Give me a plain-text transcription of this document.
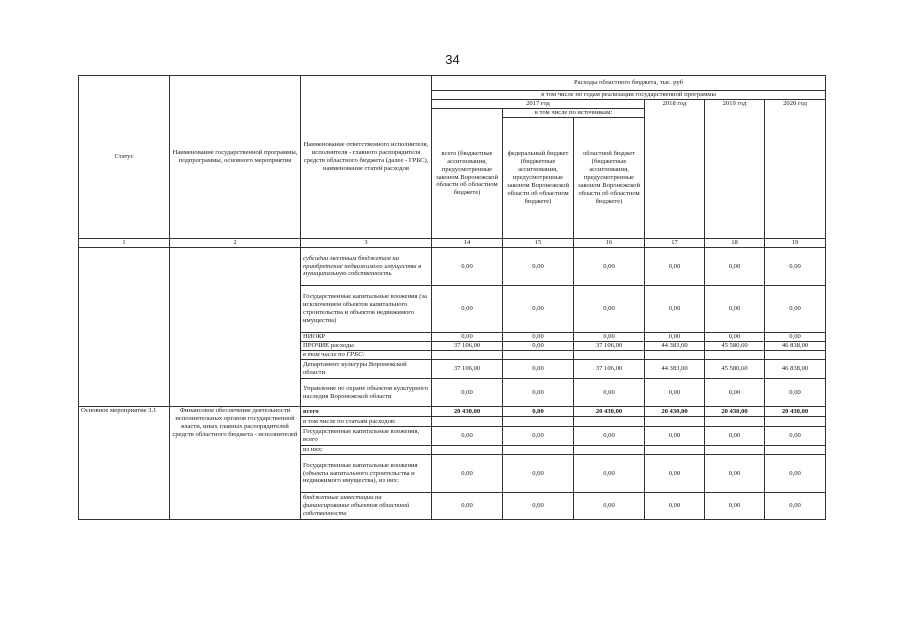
34
Статус	Наименование государственной программы, подпрограммы, основного мероприятия	Наименование ответственного исполнителя, исполнителя - главного распорядителя средств областного бюджета (далее - ГРБС), наименование статей расходов	Расходы областного бюджета, тыс. руб					
			в том числе по годам реализации государственной программы					
			2017 год			2018 год	2019 год	2020 год
			всего (бюджетные ассигнования, предусмотренные законом Воронежской области об областном бюджете)	в том числе по источникам:				
				федеральный бюджет (бюджетные ассигнования, предусмотренные законом Воронежской области об областном бюджете)	областной бюджет (бюджетные ассигнования, предусмотренные законом Воронежской области об областном бюджете)			
1	2	3	14	15	16	17	18	19
		субсидии местным бюджетам на приобретение недвижимого имущества в муниципальную собственность	0,00	0,00	0,00	0,00	0,00	0,00
		Государственные капитальные вложения (за исключением объектов капитального строительства и объектов недвижимого имущества)	0,00	0,00	0,00	0,00	0,00	0,00
		НИОКР	0,00	0,00	0,00	0,00	0,00	0,00
		ПРОЧИЕ расходы	37 106,00	0,00	37 106,00	44 383,00	45 580,60	46 838,00
		в том числе по ГРБС:						
		Департамент культуры Воронежской области	37 106,00	0,00	37 106,00	44 383,00	45 580,60	46 838,00
		Управление по охране объектов культурного наследия Воронежской области	0,00	0,00	0,00	0,00	0,00	0,00
Основное мероприятие 3.1	Финансовое обеспечение деятельности исполнительных органов государственной власти, иных главных распорядителей средств областного бюджета - исполнителей	всего	20 430,00	0,00	20 430,00	20 430,00	20 430,00	20 430,00
		в том числе по статьям расходов:						
		Государственные капитальные вложения, всего	0,00	0,00	0,00	0,00	0,00	0,00
		из них:						
		Государственные капитальные вложения (объекты капитального строительства и недвижимого имущества), из них:	0,00	0,00	0,00	0,00	0,00	0,00
		бюджетные инвестиции на финансирование объектов областной собственности	0,00	0,00	0,00	0,00	0,00	0,00
